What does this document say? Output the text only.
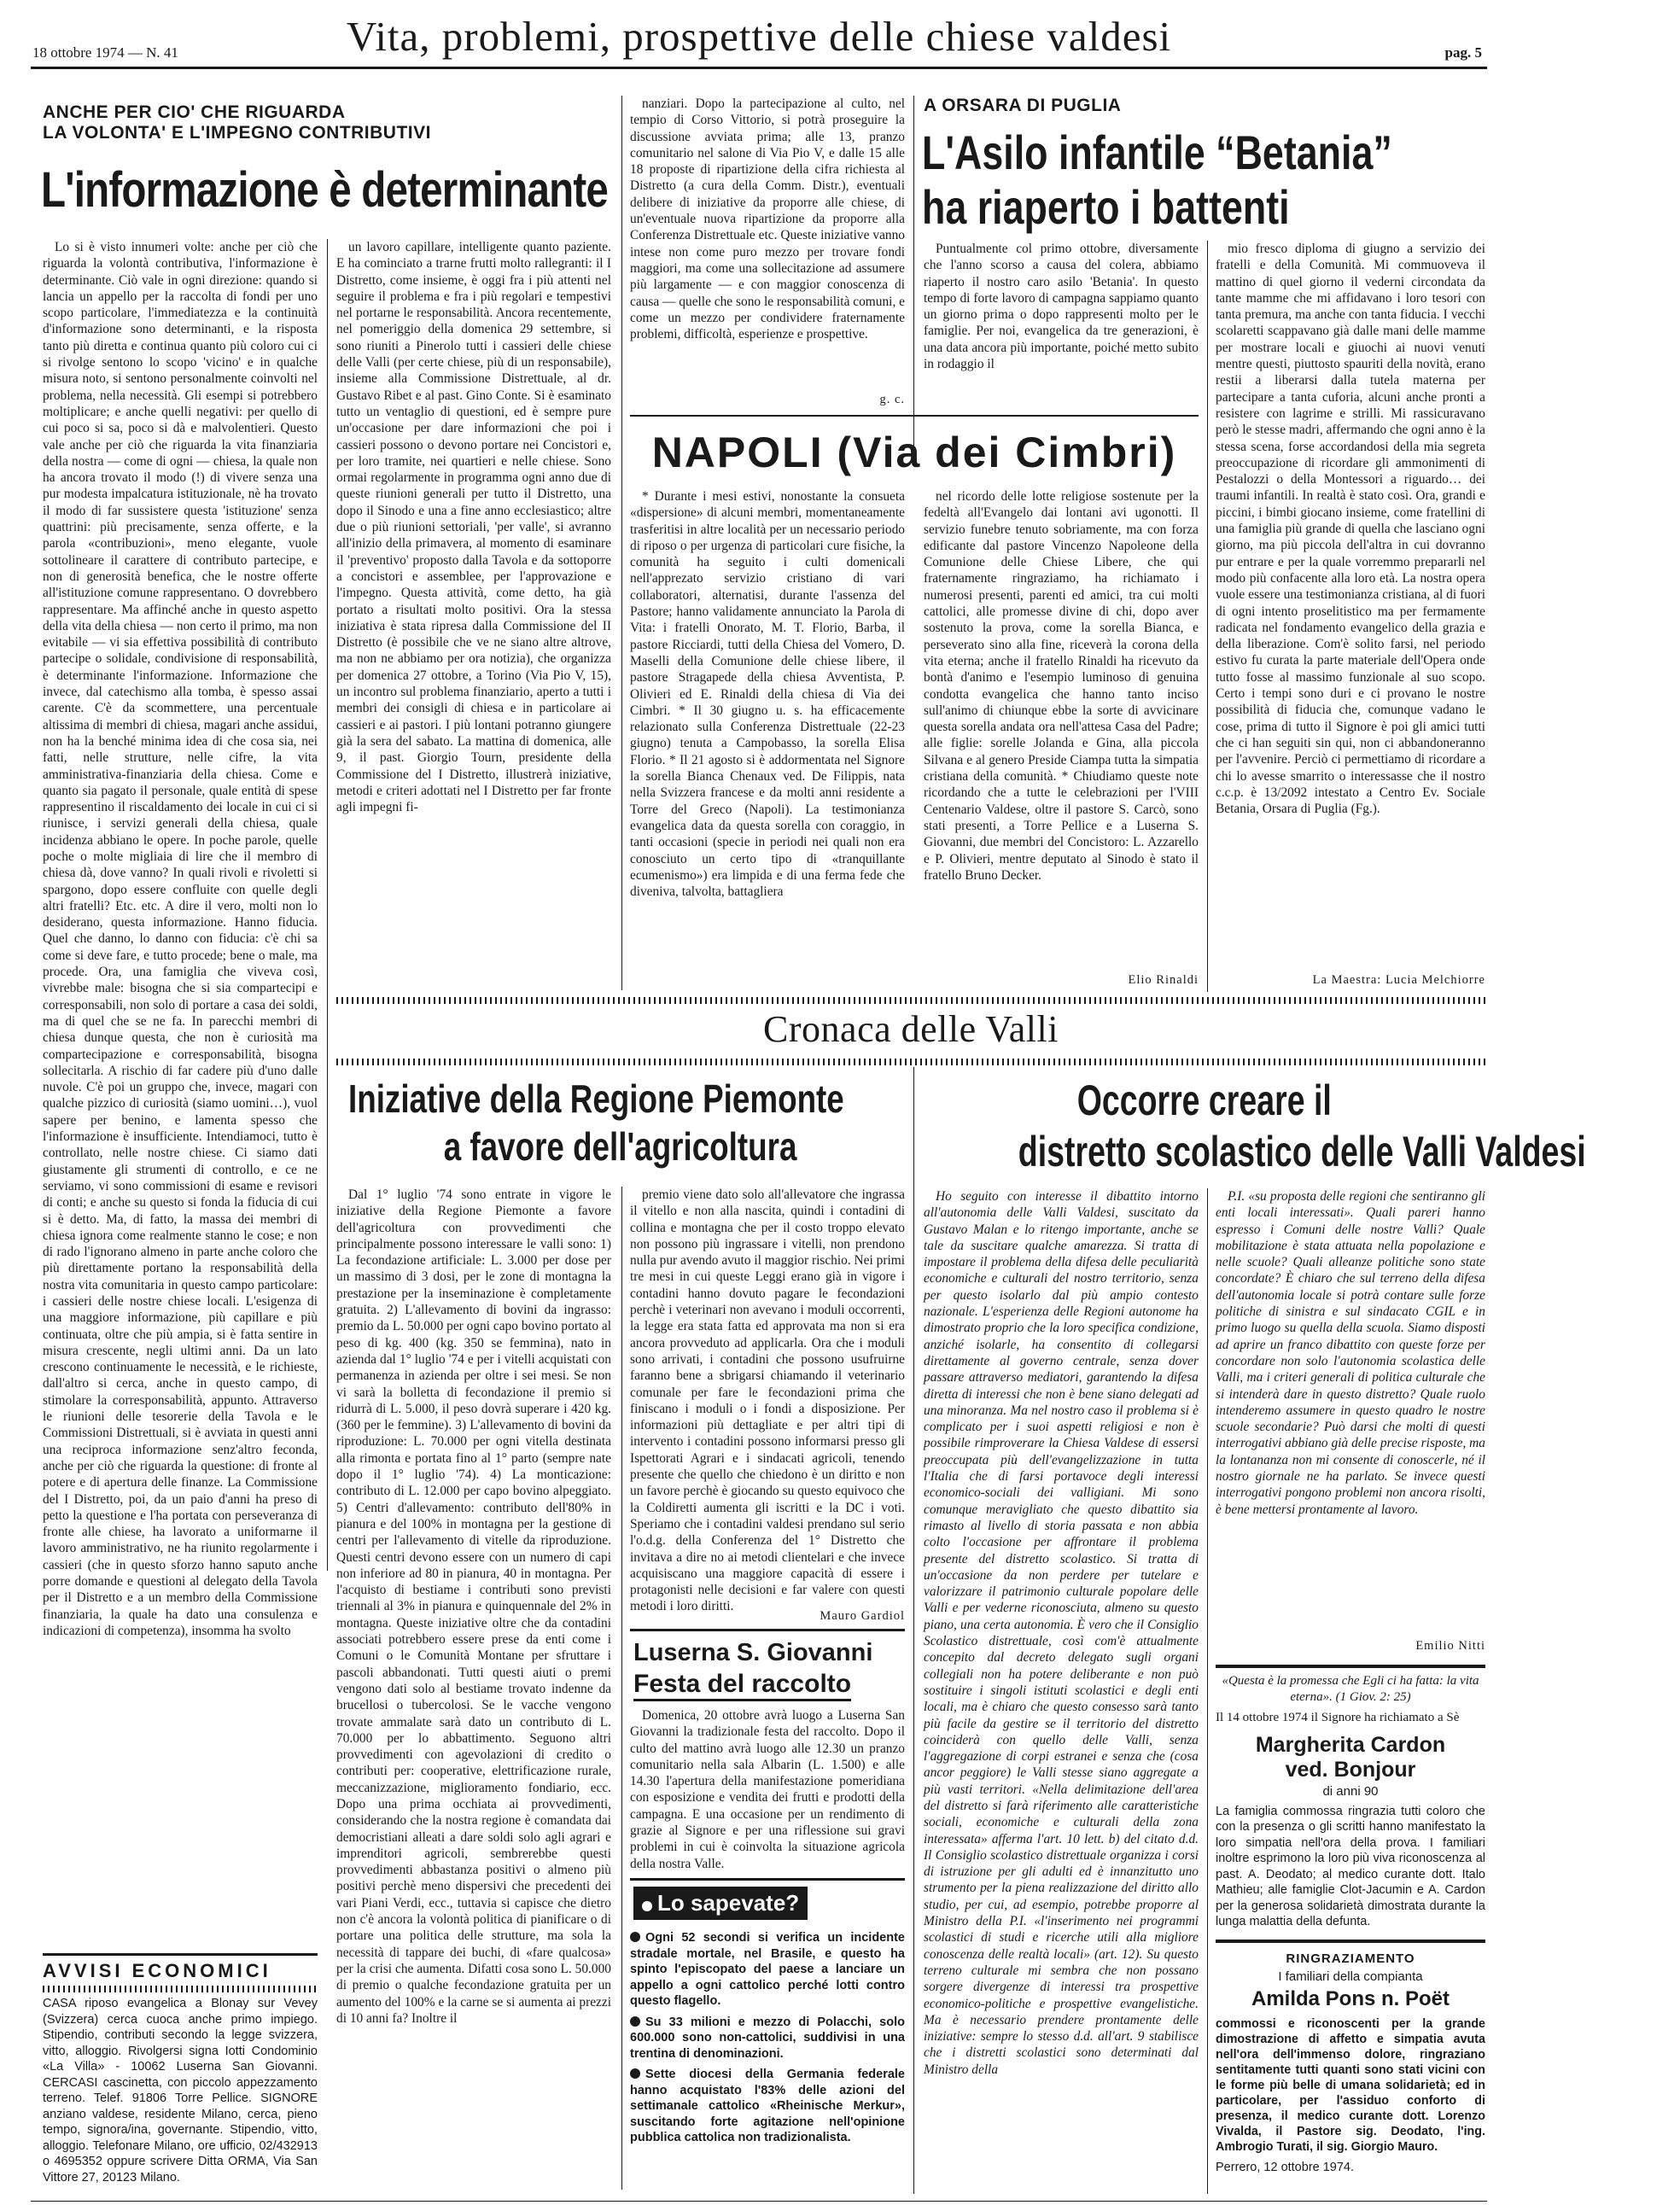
18 ottobre 1974 — N. 41	Vita, problemi, prospettive delle chiese valdesi	pag. 5
ANCHE PER CIO' CHE RIGUARDA
LA VOLONTA' E L'IMPEGNO CONTRIBUTIVI
L'informazione è determinante

Lo si è visto innumeri volte: anche per ciò che riguarda la volontà contributiva, l'informazione è determinante. Ciò vale in ogni direzione: quando si lancia un appello per la raccolta di fondi per uno scopo particolare, l'immediatezza e la continuità d'informazione sono determinanti, e la risposta tanto più diretta e continua quanto più coloro cui ci si rivolge sentono lo scopo 'vicino' e in qualche misura noto, si sentono personalmente coinvolti nel problema, nella necessità. Gli esempi si potrebbero moltiplicare; e anche quelli negativi: per quello di cui poco si sa, poco si dà e malvolentieri. Questo vale anche per ciò che riguarda la vita finanziaria della nostra — come di ogni — chiesa, la quale non ha ancora trovato il modo (!) di vivere senza una pur modesta impalcatura istituzionale, nè ha trovato il modo di far sussistere questa 'istituzione' senza quattrini: più precisamente, senza offerte, e la parola «contribuzioni», meno elegante, vuole sottolineare il carattere di contributo partecipe, e non di generosità benefica, che le nostre offerte all'istituzione comune rappresentano. O dovrebbero rappresentare. Ma affinché anche in questo aspetto della vita della chiesa — non certo il primo, ma non evitabile — vi sia effettiva possibilità di contributo partecipe o solidale, condivisione di responsabilità, è determinante l'informazione. Informazione che invece, dal catechismo alla tomba, è spesso assai carente. C'è da scommettere, una percentuale altissima di membri di chiesa, magari anche assidui, non ha la benché minima idea di che cosa sia, nei fatti, nelle strutture, nelle cifre, la vita amministrativa-finanziaria della chiesa. Come e quanto sia pagato il personale, quale entità di spese rappresentino il riscaldamento dei locale in cui ci si riunisce, i servizi generali della chiesa, quale incidenza abbiano le opere. In poche parole, quelle poche o molte migliaia di lire che il membro di chiesa dà, dove vanno? In quali rivoli e rivoletti si spargono, dopo essere confluite con quelle degli altri fratelli? Etc. etc. A dire il vero, molti non lo desiderano, questa informazione. Hanno fiducia. Quel che danno, lo danno con fiducia: c'è chi sa come si deve fare, e tutto procede; bene o male, ma procede. Ora, una famiglia che viveva così, vivrebbe male: bisogna che si sia compartecipi e corresponsabili, non solo di portare a casa dei soldi, ma di quel che se ne fa. In parecchi membri di chiesa dunque questa, che non è curiosità ma compartecipazione e corresponsabilità, bisogna sollecitarla. A rischio di far cadere più d'uno dalle nuvole. C'è poi un gruppo che, invece, magari con qualche pizzico di curiosità (siamo uomini…), vuol sapere per benino, e lamenta spesso che l'informazione è insufficiente. Intendiamoci, tutto è controllato, nelle nostre chiese. Ci siamo dati giustamente gli strumenti di controllo, e ce ne serviamo, vi sono commissioni di esame e revisori di conti; e anche su questo si fonda la fiducia di cui si è detto. Ma, di fatto, la massa dei membri di chiesa ignora come realmente stanno le cose; e non di rado l'ignorano almeno in parte anche coloro che più direttamente portano la responsabilità della nostra vita comunitaria in questo campo particolare: i cassieri delle nostre chiese locali. L'esigenza di una maggiore informazione, più capillare e più continuata, oltre che più ampia, si è fatta sentire in misura crescente, negli ultimi anni. Da un lato crescono continuamente le necessità, e le richieste, dall'altro si cerca, anche in questo campo, di stimolare la corresponsabilità, appunto. Attraverso le riunioni delle tesorerie della Tavola e le Commissioni Distrettuali, si è avviata in questi anni una reciproca informazione senz'altro feconda, anche per ciò che riguarda la questione: di fronte al potere e di apertura delle finanze. La Commissione del I Distretto, poi, da un paio d'anni ha preso di petto la questione e l'ha portata con perseveranza di fronte alle chiese, ha lavorato a uniformarne il lavoro amministrativo, ne ha riunito regolarmente i cassieri (che in questo sforzo hanno saputo anche porre domande e questioni al delegato della Tavola per il Distretto e a un membro della Commissione finanziaria, la quale ha dato una consulenza e indicazioni di competenza), insomma ha svolto

un lavoro capillare, intelligente quanto paziente. E ha cominciato a trarne frutti molto rallegranti: il I Distretto, come insieme, è oggi fra i più attenti nel seguire il problema e fra i più regolari e tempestivi nel portarne le responsabilità. Ancora recentemente, nel pomeriggio della domenica 29 settembre, si sono riuniti a Pinerolo tutti i cassieri delle chiese delle Valli (per certe chiese, più di un responsabile), insieme alla Commissione Distrettuale, al dr. Gustavo Ribet e al past. Gino Conte. Si è esaminato tutto un ventaglio di questioni, ed è sempre pure un'occasione per dare informazioni che poi i cassieri possono o devono portare nei Concistori e, per loro tramite, nei quartieri e nelle chiese. Sono ormai regolarmente in programma ogni anno due di queste riunioni generali per tutto il Distretto, una dopo il Sinodo e una a fine anno ecclesiastico; altre due o più riunioni settoriali, 'per valle', si avranno all'inizio della primavera, al momento di esaminare il 'preventivo' proposto dalla Tavola e da sottoporre a concistori e assemblee, per l'approvazione e l'impegno. Questa attività, come detto, ha già portato a risultati molto positivi. Ora la stessa iniziativa è stata ripresa dalla Commissione del II Distretto (è possibile che ve ne siano altre altrove, ma non ne abbiamo per ora notizia), che organizza per domenica 27 ottobre, a Torino (Via Pio V, 15), un incontro sul problema finanziario, aperto a tutti i membri dei consigli di chiesa e in particolare ai cassieri e ai pastori. I più lontani potranno giungere già la sera del sabato. La mattina di domenica, alle 9, il past. Giorgio Tourn, presidente della Commissione del I Distretto, illustrerà iniziative, metodi e criteri adottati nel I Distretto per far fronte agli impegni fi-

nanziari. Dopo la partecipazione al culto, nel tempio di Corso Vittorio, si potrà proseguire la discussione avviata prima; alle 13, pranzo comunitario nel salone di Via Pio V, e dalle 15 alle 18 proposte di ripartizione della cifra richiesta al Distretto (a cura della Comm. Distr.), eventuali delibere di iniziative da proporre alle chiese, di un'eventuale nuova ripartizione da proporre alla Conferenza Distrettuale etc. Queste iniziative vanno intese non come puro mezzo per trovare fondi maggiori, ma come una sollecitazione ad assumere più largamente — e con maggior conoscenza di causa — quelle che sono le responsabilità comuni, e come un mezzo per condividere fraternamente problemi, difficoltà, esperienze e prospettive.

g. c.
A ORSARA DI PUGLIA
L'Asilo infantile “Betania”
ha riaperto i battenti

Puntualmente col primo ottobre, diversamente che l'anno scorso a causa del colera, abbiamo riaperto il nostro caro asilo 'Betania'. In questo tempo di forte lavoro di campagna sappiamo quanto un giorno prima o dopo rappresenti molto per le famiglie. Per noi, evangelica da tre generazioni, è una data ancora più importante, poiché metto subito in rodaggio il

mio fresco diploma di giugno a servizio dei fratelli e della Comunità. Mi commuoveva il mattino di quel giorno il vederni circondata da tante mamme che mi affidavano i loro tesori con tanta premura, ma anche con tanta fiducia. I vecchi scolaretti scappavano già dalle mani delle mamme per mostrare locali e giuochi ai nuovi venuti mentre questi, piuttosto spauriti della novità, erano restii a liberarsi dalla tutela materna per partecipare a tanta cuforia, alcuni anche pronti a resistere con lagrime e strilli. Mi rassicuravano però le stesse madri, affermando che ogni anno è la stessa scena, forse accordandosi della mia segreta preoccupazione di ricordare gli ammonimenti di Pestalozzi o della Montessori a riguardo… dei traumi infantili. In realtà è stato così. Ora, grandi e piccini, i bimbi giocano insieme, come fratellini di una famiglia più grande di quella che lasciano ogni giorno, ma più piccola dell'altra in cui dovranno pur entrare e per la quale vorremmo prepararli nel modo più confacente alla loro età. La nostra opera vuole essere una testimonianza cristiana, al di fuori di ogni intento proselitistico ma per fermamente radicata nel fondamento evangelico della grazia e della liberazione. Com'è solito farsi, nel periodo estivo fu curata la parte materiale dell'Opera onde tutto fosse al massimo funzionale al suo scopo. Certo i tempi sono duri e ci provano le nostre possibilità di fiducia che, comunque vadano le cose, prima di tutto il Signore è poi gli amici tutti che ci han seguiti sin qui, non ci abbandoneranno per l'avvenire. Perciò ci permettiamo di ricordare a chi lo avesse smarrito o interessasse che il nostro c.c.p. è 13/2092 intestato a Centro Ev. Sociale Betania, Orsara di Puglia (Fg.).

La Maestra: Lucia Melchiorre
NAPOLI (Via dei Cimbri)

* Durante i mesi estivi, nonostante la consueta «dispersione» di alcuni membri, momentaneamente trasferitisi in altre località per un necessario periodo di riposo o per urgenza di particolari cure fisiche, la comunità ha seguito i culti domenicali nell'apprezato servizio cristiano di vari collaboratori, alternatisi, durante l'assenza del Pastore; hanno validamente annunciato la Parola di Vita: i fratelli Onorato, M. T. Florio, Barba, il pastore Ricciardi, tutti della Chiesa del Vomero, D. Maselli della Comunione delle chiese libere, il pastore Stragapede della chiesa Avventista, P. Olivieri ed E. Rinaldi della chiesa di Via dei Cimbri. * Il 30 giugno u. s. ha efficacemente relazionato sulla Conferenza Distrettuale (22-23 giugno) tenuta a Campobasso, la sorella Elisa Florio. * Il 21 agosto si è addormentata nel Signore la sorella Bianca Chenaux ved. De Filippis, nata nella Svizzera francese e da molti anni residente a Torre del Greco (Napoli). La testimonianza evangelica data da questa sorella con coraggio, in tanti occasioni (specie in periodi nei quali non era conosciuto un certo tipo di «tranquillante ecumenismo») era limpida e di una ferma fede che diveniva, talvolta, battagliera

nel ricordo delle lotte religiose sostenute per la fedeltà all'Evangelo dai lontani avi ugonotti. Il servizio funebre tenuto sobriamente, ma con forza edificante dal pastore Vincenzo Napoleone della Comunione delle Chiese Libere, che qui fraternamente ringraziamo, ha richiamato i numerosi presenti, parenti ed amici, tra cui molti cattolici, alle promesse divine di chi, dopo aver sostenuto la prova, come la sorella Bianca, e perseverato sino alla fine, riceverà la corona della vita eterna; anche il fratello Rinaldi ha ricevuto da bontà d'animo e l'esempio luminoso di genuina condotta evangelica che hanno tanto inciso sull'animo di chiunque ebbe la sorte di avvicinare questa sorella andata ora nell'attesa Casa del Padre; alle figlie: sorelle Jolanda e Gina, alla piccola Silvana e al genero Preside Ciampa tutta la simpatia cristiana della comunità. * Chiudiamo queste note ricordando che a tutte le celebrazioni per l'VIII Centenario Valdese, oltre il pastore S. Carcò, sono stati presenti, a Torre Pellice e a Luserna S. Giovanni, due membri del Concistoro: L. Azzarello e P. Olivieri, mentre deputato al Sinodo è stato il fratello Bruno Decker.

Elio Rinaldi
Cronaca delle Valli
Iniziative della Regione Piemonte
a favore dell'agricoltura

Dal 1° luglio '74 sono entrate in vigore le iniziative della Regione Piemonte a favore dell'agricoltura con provvedimenti che principalmente possono interessare le valli sono: 1) La fecondazione artificiale: L. 3.000 per dose per un massimo di 3 dosi, per le zone di montagna la prestazione per la inseminazione è completamente gratuita. 2) L'allevamento di bovini da ingrasso: premio da L. 50.000 per ogni capo bovino portato al peso di kg. 400 (kg. 350 se femmina), nato in azienda dal 1° luglio '74 e per i vitelli acquistati con permanenza in azienda per oltre i sei mesi. Se non vi sarà la bolletta di fecondazione il premio si ridurrà di L. 5.000, il peso dovrà superare i 420 kg. (360 per le femmine). 3) L'allevamento di bovini da riproduzione: L. 70.000 per ogni vitella destinata alla rimonta e portata fino al 1° parto (sempre nate dopo il 1° luglio '74). 4) La monticazione: contributo di L. 12.000 per capo bovino alpeggiato. 5) Centri d'allevamento: contributo dell'80% in pianura e del 100% in montagna per la gestione di centri per l'allevamento di vitelle da riproduzione. Questi centri devono essere con un numero di capi non inferiore ad 80 in pianura, 40 in montagna. Per l'acquisto di bestiame i contributi sono previsti triennali al 3% in pianura e quinquennale del 2% in montagna. Queste iniziative oltre che da contadini associati potrebbero essere prese da enti come i Comuni o le Comunità Montane per sfruttare i pascoli abbandonati. Tutti questi aiuti o premi vengono dati solo al bestiame trovato indenne da brucellosi o tubercolosi. Se le vacche vengono trovate ammalate sarà dato un contributo di L. 70.000 per lo abbattimento. Seguono altri provvedimenti con agevolazioni di credito o contributi per: cooperative, elettrificazione rurale, meccanizzazione, miglioramento fondiario, ecc. Dopo una prima occhiata ai provvedimenti, considerando che la nostra regione è comandata dai democristiani alleati a dare soldi solo agli agrari e imprenditori agricoli, sembrerebbe questi provvedimenti abbastanza positivi o almeno più positivi perchè meno dispersivi che precedenti dei vari Piani Verdi, ecc., tuttavia si capisce che dietro non c'è ancora la volontà politica di pianificare o di portare una politica delle strutture, ma sola la necessità di tappare dei buchi, di «fare qualcosa» per la crisi che aumenta. Difatti cosa sono L. 50.000 di premio o qualche fecondazione gratuita per un aumento del 100% e la carne se si aumenta ai prezzi di 10 anni fa? Inoltre il

premio viene dato solo all'allevatore che ingrassa il vitello e non alla nascita, quindi i contadini di collina e montagna che per il costo troppo elevato non possono più ingrassare i vitelli, non prendono nulla pur avendo avuto il maggior rischio. Nei primi tre mesi in cui queste Leggi erano già in vigore i contadini hanno dovuto pagare le fecondazioni perchè i veterinari non avevano i moduli occorrenti, la legge era stata fatta ed approvata ma non si era ancora provveduto ad applicarla. Ora che i moduli sono arrivati, i contadini che possono usufruirne faranno bene a sbrigarsi chiamando il veterinario comunale per fare le fecondazioni prima che finiscano i moduli o i fondi a disposizione. Per informazioni più dettagliate e per altri tipi di intervento i contadini possono informarsi presso gli Ispettorati Agrari e i sindacati agricoli, tenendo presente che quello che chiedono è un diritto e non un favore perchè è giocando su questo equivoco che la Coldiretti aumenta gli iscritti e la DC i voti. Speriamo che i contadini valdesi prendano sul serio l'o.d.g. della Conferenza del 1° Distretto che invitava a dire no ai metodi clientelari e che invece acquisiscano una maggiore capacità di essere i protagonisti nelle decisioni e far valere con questi metodi i loro diritti.

Mauro Gardiol
Luserna S. Giovanni
Festa del raccolto

Domenica, 20 ottobre avrà luogo a Luserna San Giovanni la tradizionale festa del raccolto. Dopo il culto del mattino avrà luogo alle 12.30 un pranzo comunitario nella sala Albarin (L. 1.500) e alle 14.30 l'apertura della manifestazione pomeridiana con esposizione e vendita dei frutti e prodotti della campagna. E una occasione per un rendimento di grazie al Signore e per una riflessione sui gravi problemi in cui è coinvolta la situazione agricola della nostra Valle.

Lo sapevate?
Ogni 52 secondi si verifica un incidente stradale mortale, nel Brasile, e questo ha spinto l'episcopato del paese a lanciare un appello a ogni cattolico perché lotti contro questo flagello.
Su 33 milioni e mezzo di Polacchi, solo 600.000 sono non-cattolici, suddivisi in una trentina di denominazioni.
Sette diocesi della Germania federale hanno acquistato l'83% delle azioni del settimanale cattolico «Rheinische Merkur», suscitando forte agitazione nell'opinione pubblica cattolica non tradizionalista.
AVVISI ECONOMICI
CASA riposo evangelica a Blonay sur Vevey (Svizzera) cerca cuoca anche primo impiego. Stipendio, contributi secondo la legge svizzera, vitto, alloggio. Rivolgersi signa Iotti Condominio «La Villa» - 10062 Luserna San Giovanni. CERCASI cascinetta, con piccolo appezzamento terreno. Telef. 91806 Torre Pellice. SIGNORE anziano valdese, residente Milano, cerca, pieno tempo, signora/ina, governante. Stipendio, vitto, alloggio. Telefonare Milano, ore ufficio, 02/432913 o 4695352 oppure scrivere Ditta ORMA, Via San Vittore 27, 20123 Milano.
Occorre creare il
distretto scolastico delle Valli Valdesi

Ho seguito con interesse il dibattito intorno all'autonomia delle Valli Valdesi, suscitato da Gustavo Malan e lo ritengo importante, anche se tale da suscitare qualche amarezza. Si tratta di impostare il problema della difesa delle peculiarità economiche e culturali del nostro territorio, senza per questo isolarlo dal più ampio contesto nazionale. L'esperienza delle Regioni autonome ha dimostrato proprio che la loro specifica condizione, anziché isolarle, ha consentito di collegarsi direttamente al governo centrale, senza dover passare attraverso mediatori, garantendo la difesa diretta di interessi che non è bene siano delegati ad una minoranza. Ma nel nostro caso il problema si è complicato per i suoi aspetti religiosi e non è possibile rimproverare la Chiesa Valdese di essersi preoccupata più dell'evangelizzazione in tutta l'Italia che di farsi portavoce degli interessi economico-sociali dei valligiani. Mi sono comunque meravigliato che questo dibattito sia rimasto al livello di storia passata e non abbia colto l'occasione per affrontare il problema presente del distretto scolastico. Si tratta di un'occasione da non perdere per tutelare e valorizzare il patrimonio culturale popolare delle Valli e per vederne riconosciuta, almeno su questo piano, una certa autonomia. È vero che il Consiglio Scolastico distrettuale, così com'è attualmente concepito dal decreto delegato sugli organi collegiali non ha potere deliberante e non può sostituire i singoli istituti scolastici e degli enti locali, ma è chiaro che questo consesso sarà tanto più facile da gestire se il territorio del distretto coinciderà con quello delle Valli, senza l'aggregazione di corpi estranei e senza che (cosa ancor peggiore) le Valli stesse siano aggregate a più vasti territori. «Nella delimitazione dell'area del distretto si farà riferimento alle caratteristiche sociali, economiche e culturali della zona interessata» afferma l'art. 10 lett. b) del citato d.d. Il Consiglio scolastico distrettuale organizza i corsi di istruzione per gli adulti ed è innanzitutto uno strumento per la piena realizzazione del diritto allo studio, per cui, ad esempio, potrebbe proporre al Ministro della P.I. «l'inserimento nei programmi scolastici di studi e ricerche utili alla migliore conoscenza delle realtà locali» (art. 12). Su questo terreno culturale mi sembra che non possano sorgere divergenze di interessi tra prospettive economico-politiche e prospettive evangelistiche. Ma è necessario prendere prontamente delle iniziative: sempre lo stesso d.d. all'art. 9 stabilisce che i distretti scolastici sono determinati dal Ministro della

P.I. «su proposta delle regioni che sentiranno gli enti locali interessati». Quali pareri hanno espresso i Comuni delle nostre Valli? Quale mobilitazione è stata attuata nella popolazione e nelle scuole? Quali alleanze politiche sono state concordate? È chiaro che sul terreno della difesa dell'autonomia locale si potrà contare sulle forze politiche di sinistra e sul sindacato CGIL e in primo luogo su quella della scuola. Siamo disposti ad aprire un franco dibattito con queste forze per concordare non solo l'autonomia scolastica delle Valli, ma i criteri generali di politica culturale che si intenderà dare in questo distretto? Quale ruolo intenderemo assumere in questo quadro le nostre scuole secondarie? Può darsi che molti di questi interrogativi abbiano già delle precise risposte, ma la lontananza non mi consente di conoscerle, né il nostro giornale ne ha parlato. Se invece questi interrogativi pongono problemi non ancora risolti, è bene mettersi prontamente al lavoro.

Emilio Nitti
«Questa è la promessa che Egli ci ha fatta: la vita eterna». (1 Giov. 2: 25)
Il 14 ottobre 1974 il Signore ha richiamato a Sè
Margherita Cardon
ved. Bonjour
di anni 90
La famiglia commossa ringrazia tutti coloro che con la presenza o gli scritti hanno manifestato la loro simpatia nell'ora della prova. I familiari inoltre esprimono la loro più viva riconoscenza al past. A. Deodato; al medico curante dott. Italo Mathieu; alle famiglie Clot-Jacumin e A. Cardon per la generosa solidarietà dimostrata durante la lunga malattia della defunta.
RINGRAZIAMENTO
I familiari della compianta
Amilda Pons n. Poët
commossi e riconoscenti per la grande dimostrazione di affetto e simpatia avuta nell'ora dell'immenso dolore, ringraziano sentitamente tutti quanti sono stati vicini con le forme più belle di umana solidarietà; ed in particolare, per l'assiduo conforto di presenza, il medico curante dott. Lorenzo Vivalda, il Pastore sig. Deodato, l'ing. Ambrogio Turati, il sig. Giorgio Mauro.
Perrero, 12 ottobre 1974.
